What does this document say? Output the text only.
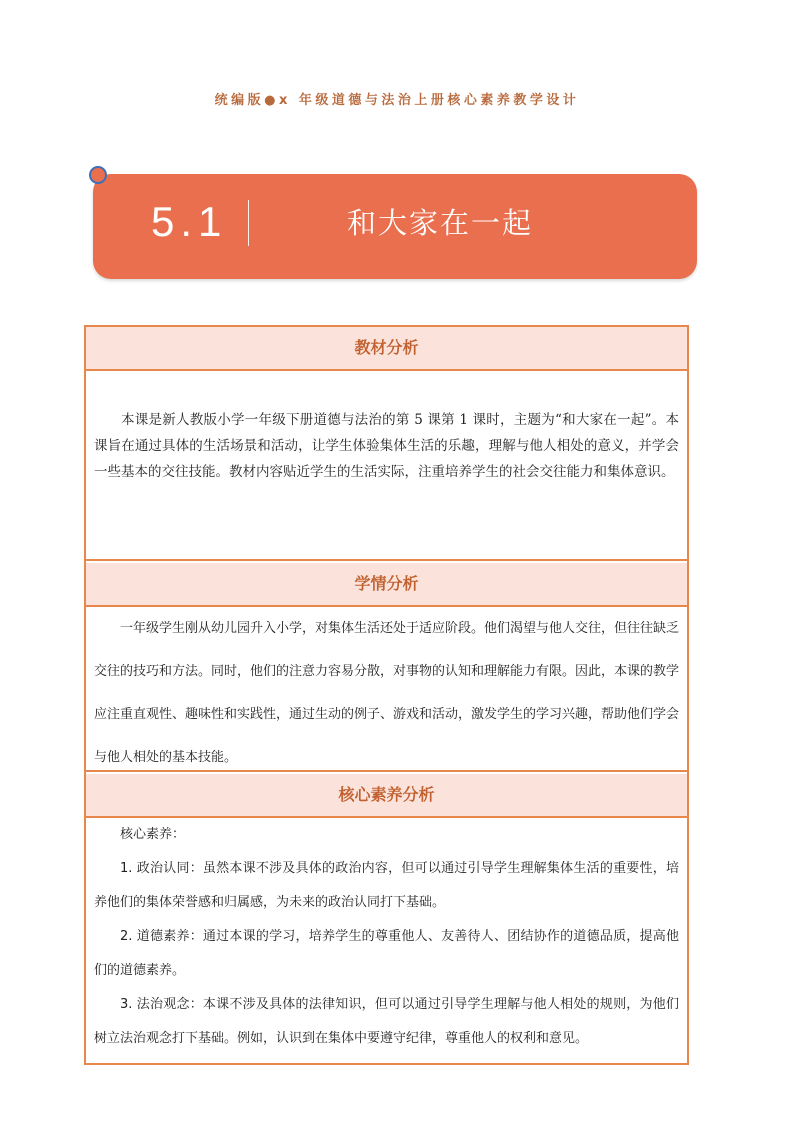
统编版●x 年级道德与法治上册核心素养教学设计
5.1	和大家在一起
教材分析

本课是新人教版小学一年级下册道德与法治的第 5 课第 1 课时，主题为“和大家在一起”。本课旨在通过具体的生活场景和活动，让学生体验集体生活的乐趣，理解与他人相处的意义，并学会一些基本的交往技能。教材内容贴近学生的生活实际，注重培养学生的社会交往能力和集体意识。

学情分析

一年级学生刚从幼儿园升入小学，对集体生活还处于适应阶段。他们渴望与他人交往，但往往缺乏交往的技巧和方法。同时，他们的注意力容易分散，对事物的认知和理解能力有限。因此，本课的教学应注重直观性、趣味性和实践性，通过生动的例子、游戏和活动，激发学生的学习兴趣，帮助他们学会与他人相处的基本技能。

核心素养分析

核心素养：

1. 政治认同：虽然本课不涉及具体的政治内容，但可以通过引导学生理解集体生活的重要性，培养他们的集体荣誉感和归属感，为未来的政治认同打下基础。

2. 道德素养：通过本课的学习，培养学生的尊重他人、友善待人、团结协作的道德品质，提高他们的道德素养。

3. 法治观念：本课不涉及具体的法律知识，但可以通过引导学生理解与他人相处的规则，为他们树立法治观念打下基础。例如，认识到在集体中要遵守纪律，尊重他人的权利和意见。
